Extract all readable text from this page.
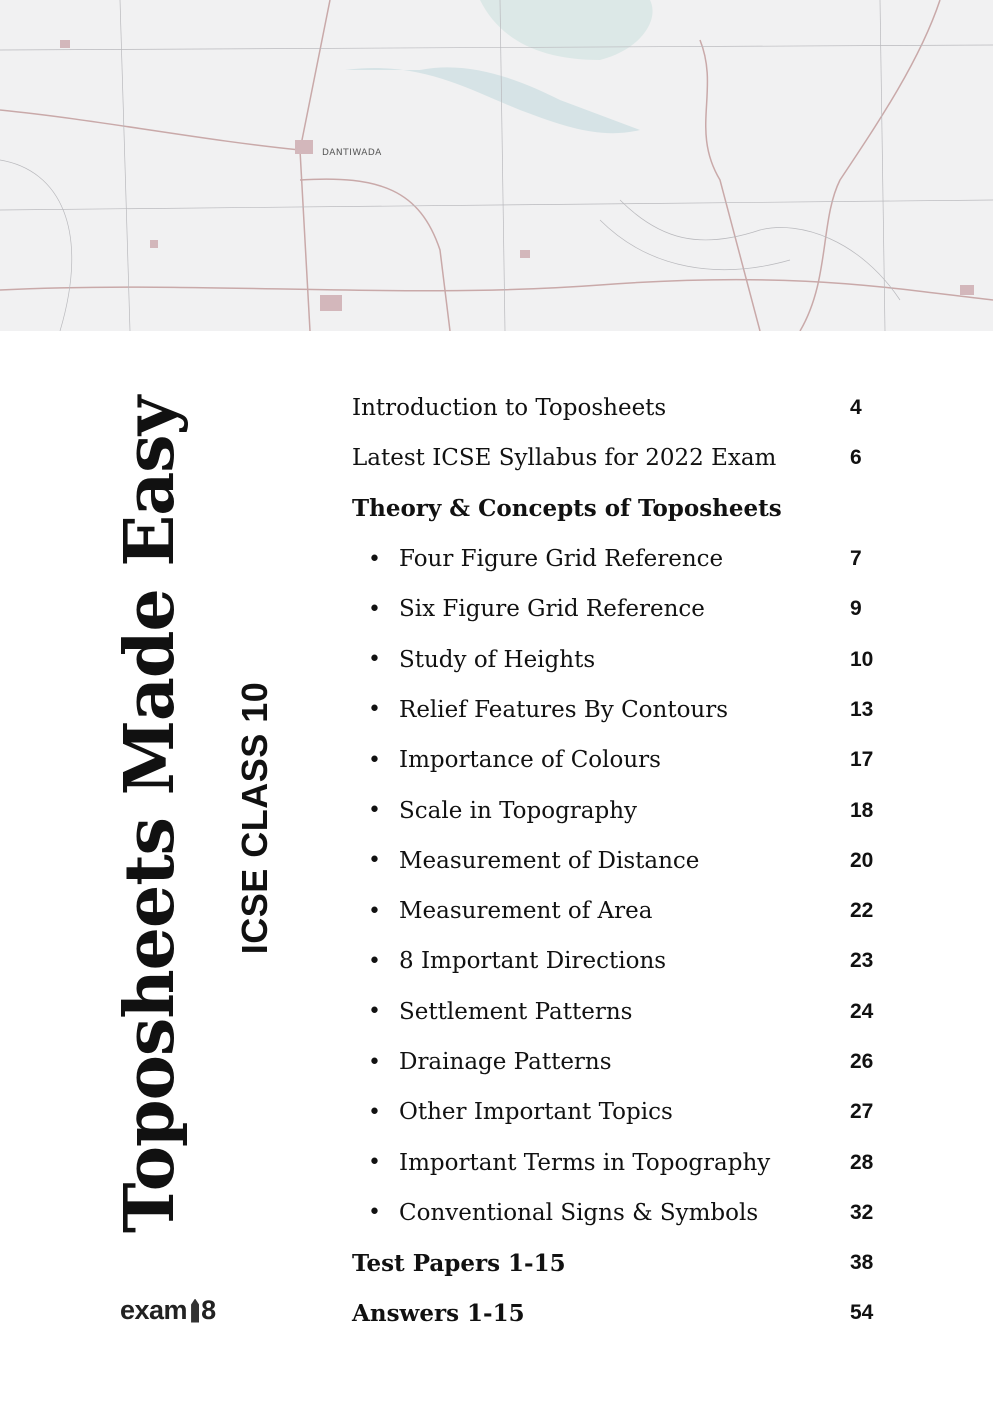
DANTIWADA
Toposheets Made Easy ICSE CLASS 10
exam 8
Introduction to Toposheets	4
Latest ICSE Syllabus for 2022 Exam	6
Theory & Concepts of Toposheets
• Four Figure Grid Reference	7
• Six Figure Grid Reference	9
• Study of Heights	10
• Relief Features By Contours	13
• Importance of Colours	17
• Scale in Topography	18
• Measurement of Distance	20
• Measurement of Area	22
• 8 Important Directions	23
• Settlement Patterns	24
• Drainage Patterns	26
• Other Important Topics	27
• Important Terms in Topography	28
• Conventional Signs & Symbols	32
Test Papers 1-15	38
Answers 1-15	54
